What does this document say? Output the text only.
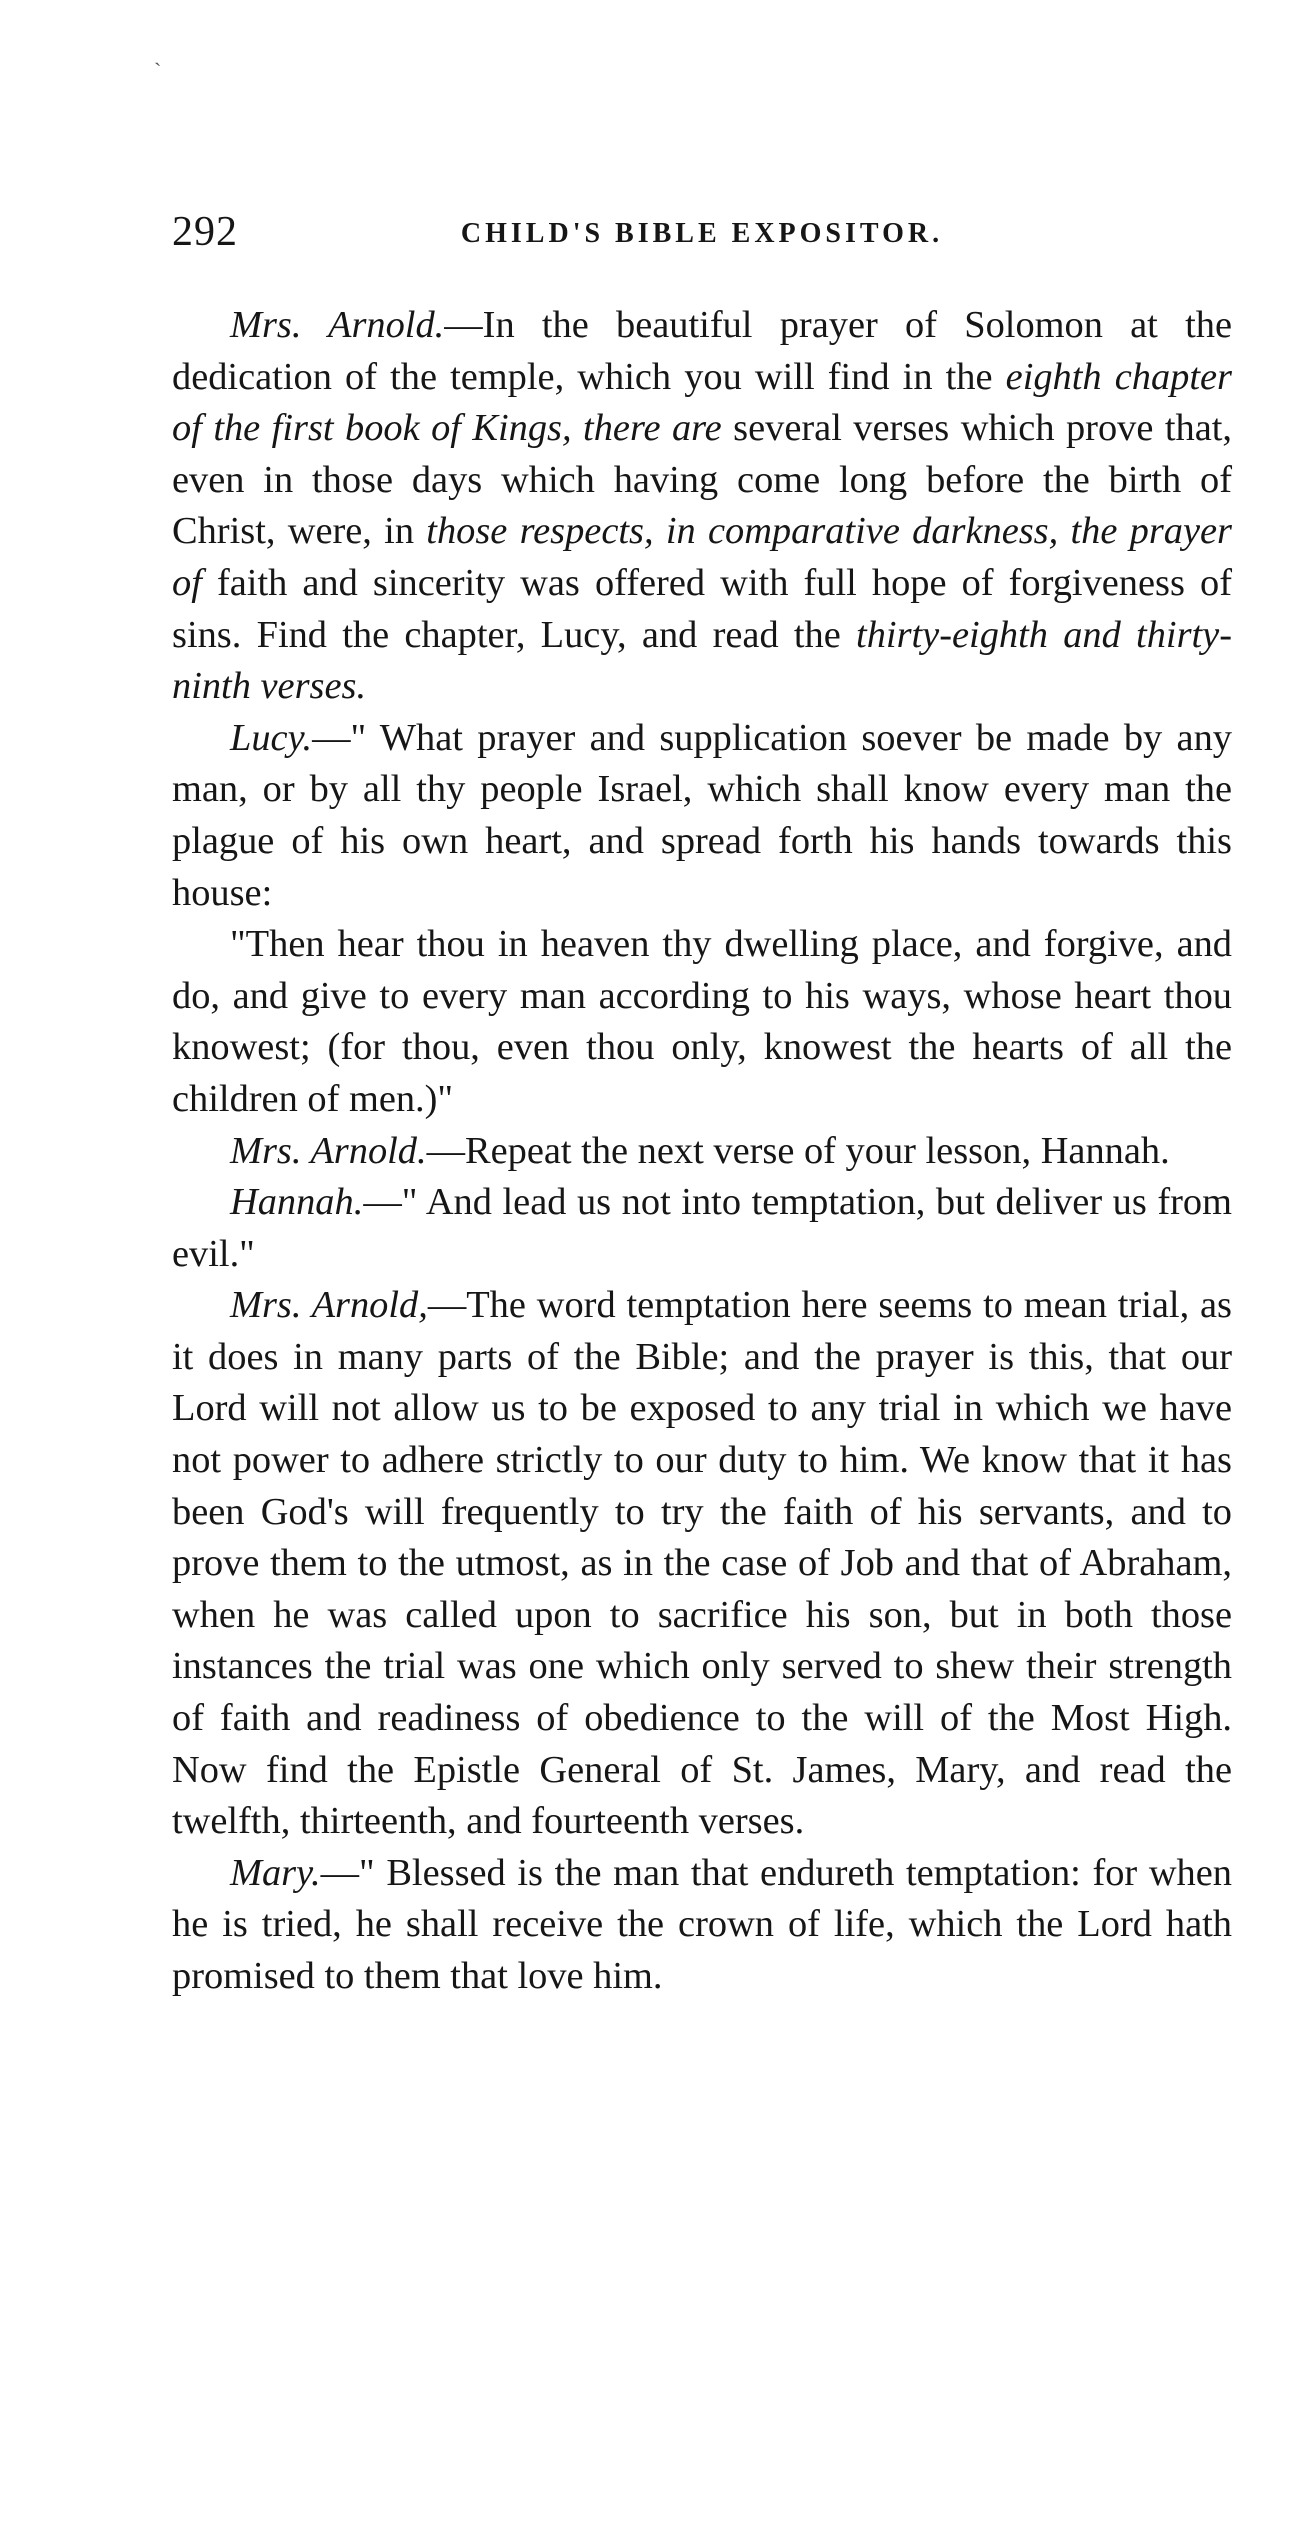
`
292	CHILD'S BIBLE EXPOSITOR.

Mrs. Arnold.—In the beautiful prayer of Solomon at the dedication of the temple, which you will find in the eighth chapter of the first book of Kings, there are several verses which prove that, even in those days which having come long before the birth of Christ, were, in those respects, in comparative darkness, the prayer of faith and sincerity was offered with full hope of forgiveness of sins. Find the chapter, Lucy, and read the thirty-eighth and thirty-ninth verses.

Lucy.—" What prayer and supplication soever be made by any man, or by all thy people Israel, which shall know every man the plague of his own heart, and spread forth his hands towards this house:

"Then hear thou in heaven thy dwelling place, and forgive, and do, and give to every man according to his ways, whose heart thou knowest; (for thou, even thou only, knowest the hearts of all the children of men.)"

Mrs. Arnold.—Repeat the next verse of your lesson, Hannah.

Hannah.—" And lead us not into temptation, but deliver us from evil."

Mrs. Arnold,—The word temptation here seems to mean trial, as it does in many parts of the Bible; and the prayer is this, that our Lord will not allow us to be exposed to any trial in which we have not power to adhere strictly to our duty to him. We know that it has been God's will frequently to try the faith of his servants, and to prove them to the utmost, as in the case of Job and that of Abraham, when he was called upon to sacrifice his son, but in both those instances the trial was one which only served to shew their strength of faith and readiness of obedience to the will of the Most High. Now find the Epistle General of St. James, Mary, and read the twelfth, thirteenth, and fourteenth verses.

Mary.—" Blessed is the man that endureth temptation: for when he is tried, he shall receive the crown of life, which the Lord hath promised to them that love him.
